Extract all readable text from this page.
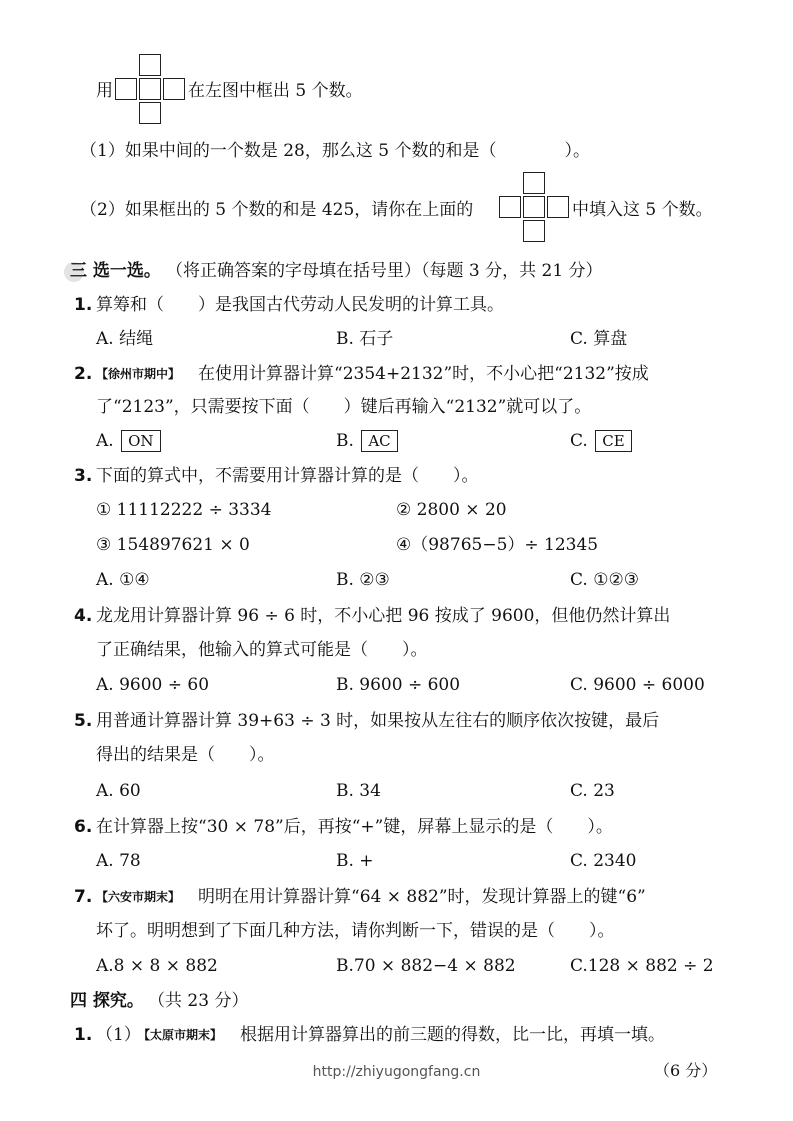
用	在左图中框出 5 个数。
（1）如果中间的一个数是 28，那么这 5 个数的和是（　　　　）。
（2）如果框出的 5 个数的和是 425，请你在上面的	中填入这 5 个数。
三 选一选。 （将正确答案的字母填在括号里）（每题 3 分，共 21 分）
1. 算筹和（　　）是我国古代劳动人民发明的计算工具。
A. 结绳	B. 石子	C. 算盘
2. 【徐州市期中】 在使用计算器计算“2354+2132”时，不小心把“2132”按成
了“2123”，只需要按下面（　　）键后再输入“2132”就可以了。
A. ON	B. AC	C. CE
3. 下面的算式中，不需要用计算器计算的是（　　）。
① 11112222 ÷ 3334	② 2800 × 20
③ 154897621 × 0	④（98765−5）÷ 12345
A. ①④	B. ②③	C. ①②③
4. 龙龙用计算器计算 96 ÷ 6 时，不小心把 96 按成了 9600，但他仍然计算出
了正确结果，他输入的算式可能是（　　）。
A. 9600 ÷ 60	B. 9600 ÷ 600	C. 9600 ÷ 6000
5. 用普通计算器计算 39+63 ÷ 3 时，如果按从左往右的顺序依次按键，最后
得出的结果是（　　）。
A. 60	B. 34	C. 23
6. 在计算器上按“30 × 78”后，再按“+”键，屏幕上显示的是（　　）。
A. 78	B. +	C. 2340
7. 【六安市期末】 明明在用计算器计算“64 × 882”时，发现计算器上的键“6”
坏了。明明想到了下面几种方法，请你判断一下，错误的是（　　）。
A.8 × 8 × 882	B.70 × 882−4 × 882	C.128 × 882 ÷ 2
四 探究。 （共 23 分）
1. （1）
【太原市期末】 根据用计算器算出的前三题的得数，比一比，再填一填。
（6 分）
http://zhiyugongfang.cn
